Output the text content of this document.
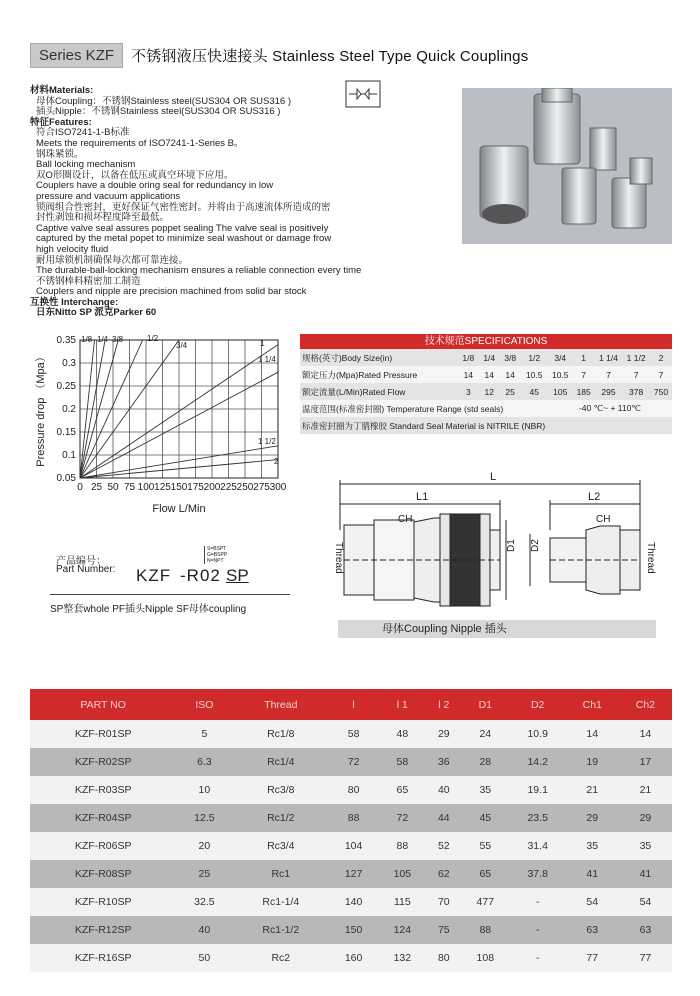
Series KZF	不锈钢液压快速接头 Stainless Steel Type Quick Couplings
材料Materials:
母体Coupling：不锈钢Stainless steel(SUS304 OR SUS316 )
插头Nipple：不锈钢Stainless steel(SUS304 OR SUS316 )
特征Features:
符合ISO7241-1-B标准
Meets the requirements of ISO7241-1-Series B。
钢珠紧锁。
Ball locking mechanism
双O形圈设计，以备在低压或真空环境下应用。
Couplers have a double oring seal for redundancy in low
pressure and vacuum applications
锁阀组合性密封，更好保证气密性密封。并将由于高速流体所造成的密
封性剥蚀和损坏程度降至最低。
Captive valve seal assures poppet sealing The valve seal is positively
captured by the metal popet to minimize seal washout or damage frow
high velocity fluid
耐用球锁机制确保每次都可靠连接。
The durable-ball-locking mechanism ensures a reliable connection every time
不锈钢棒料精密加工制造
Couplers and nipple are precision machined from solid bar stock
互换性 Interchange:
日东Nitto SP 派克Parker 60
0 25 50 75 100 125 150 175 200 225 250 275 300
0.05
0.1
0.15
0.2
0.25
0.3
0.35 1/8 1/4 3/8	1/2
3/4	1
1 1/4
1 1/2
2
Flow L/Min
Pressure drop （Mpa）
技术规范SPECIFICATIONS
规格(英寸)Body Size(in)	1/8	1/4	3/8	1/2	3/4	1	1 1/4	1 1/2	2
额定压力(Mpa)Rated Pressure	14	14	14	10.5	10.5	7	7	7	7
额定流量(L/Min)Rated Flow	3	12	25	45	105	185	295	378	750
温度范围(标准密封圈) Temperature Range (std seals)					-40 ℃~ + 110℃				
标准密封圈为丁腈橡胶 Standard Seal Material is NITRILE (NBR)									
产品编号：
Part Number: KZF -R02 SP
S=BSPT
G=BSPP
N=NPT
SP整套whole PF插头Nipple SF母体coupling
L
L1	L2
CH	CH
Thread	Thread
D1 D2
母体Coupling Nipple 插头
PART NO	ISO	Thread	l	l 1	l 2	D1	D2	Ch1	Ch2
KZF-R01SP	5	Rc1/8	58	48	29	24	10.9	14	14
KZF-R02SP	6.3	Rc1/4	72	58	36	28	14.2	19	17
KZF-R03SP	10	Rc3/8	80	65	40	35	19.1	21	21
KZF-R04SP	12.5	Rc1/2	88	72	44	45	23.5	29	29
KZF-R06SP	20	Rc3/4	104	88	52	55	31.4	35	35
KZF-R08SP	25	Rc1	127	105	62	65	37.8	41	41
KZF-R10SP	32.5	Rc1-1/4	140	115	70	477	-	54	54
KZF-R12SP	40	Rc1-1/2	150	124	75	88	-	63	63
KZF-R16SP	50	Rc2	160	132	80	108	-	77	77
